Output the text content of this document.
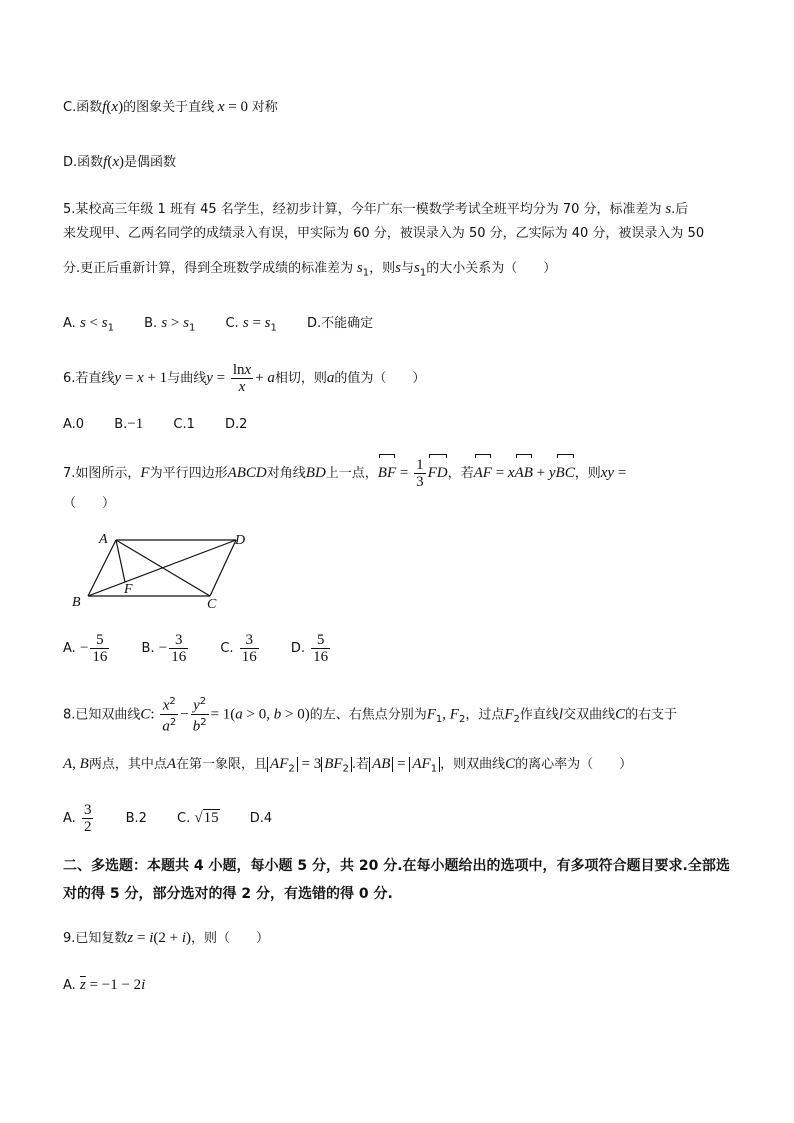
C.函数f(x)的图象关于直线 x = 0 对称
D.函数f(x)是偶函数
5.某校高三年级 1 班有 45 名学生，经初步计算，今年广东一模数学考试全班平均分为 70 分，标准差为 s.后
来发现甲、乙两名同学的成绩录入有误，甲实际为 60 分，被误录入为 50 分，乙实际为 40 分，被误录入为 50
分.更正后重新计算，得到全班数学成绩的标准差为 $s_1$，则s与$s_1$的大小关系为（　　）
A. $s < s_1$ B. $s > s_1$ C. $s = s_1$ D.不能确定
6.若直线y = x + 1与曲线$y = \frac{\ln x}{x} + a$相切，则a的值为（　　）
A.0 B.−1 C.1 D.2
7.如图所示，F为平行四边形ABCD对角线BD上一点，BF = $\frac{1}{3}$ FD，若AF = xAB + yBC，则xy =
（　　）
A	D
B	C
F
A. − $\frac{5}{16} B$. − $\frac{3}{16} C$. $\frac{3}{16} D$. $\frac{5}{16}$
8.已知双曲线C: $\frac{x^2}{a^2} - \frac{y^2}{b^2} = 1(a > 0$, b > 0)的左、右焦点分别为$F_1$, $F_2$，过点$F_2$作直线l交双曲线C的右支于
A, B两点，其中点A在第一象限，且 $AF_2 = 3$ $BF_2$ .若 AB = $AF_1$ ，则双曲线C的离心率为（　　）
A. $\frac{3}{2} B.2$ C. √15 D.4
二、多选题：本题共 4 小题，每小题 5 分，共 20 分.在每小题给出的选项中，有多项符合题目要求.全部选对的得 5 分，部分选对的得 2 分，有选错的得 0 分.
9.已知复数z = i(2 + i)，则（　　）
A. $\overline{z} = -1 - 2i$
